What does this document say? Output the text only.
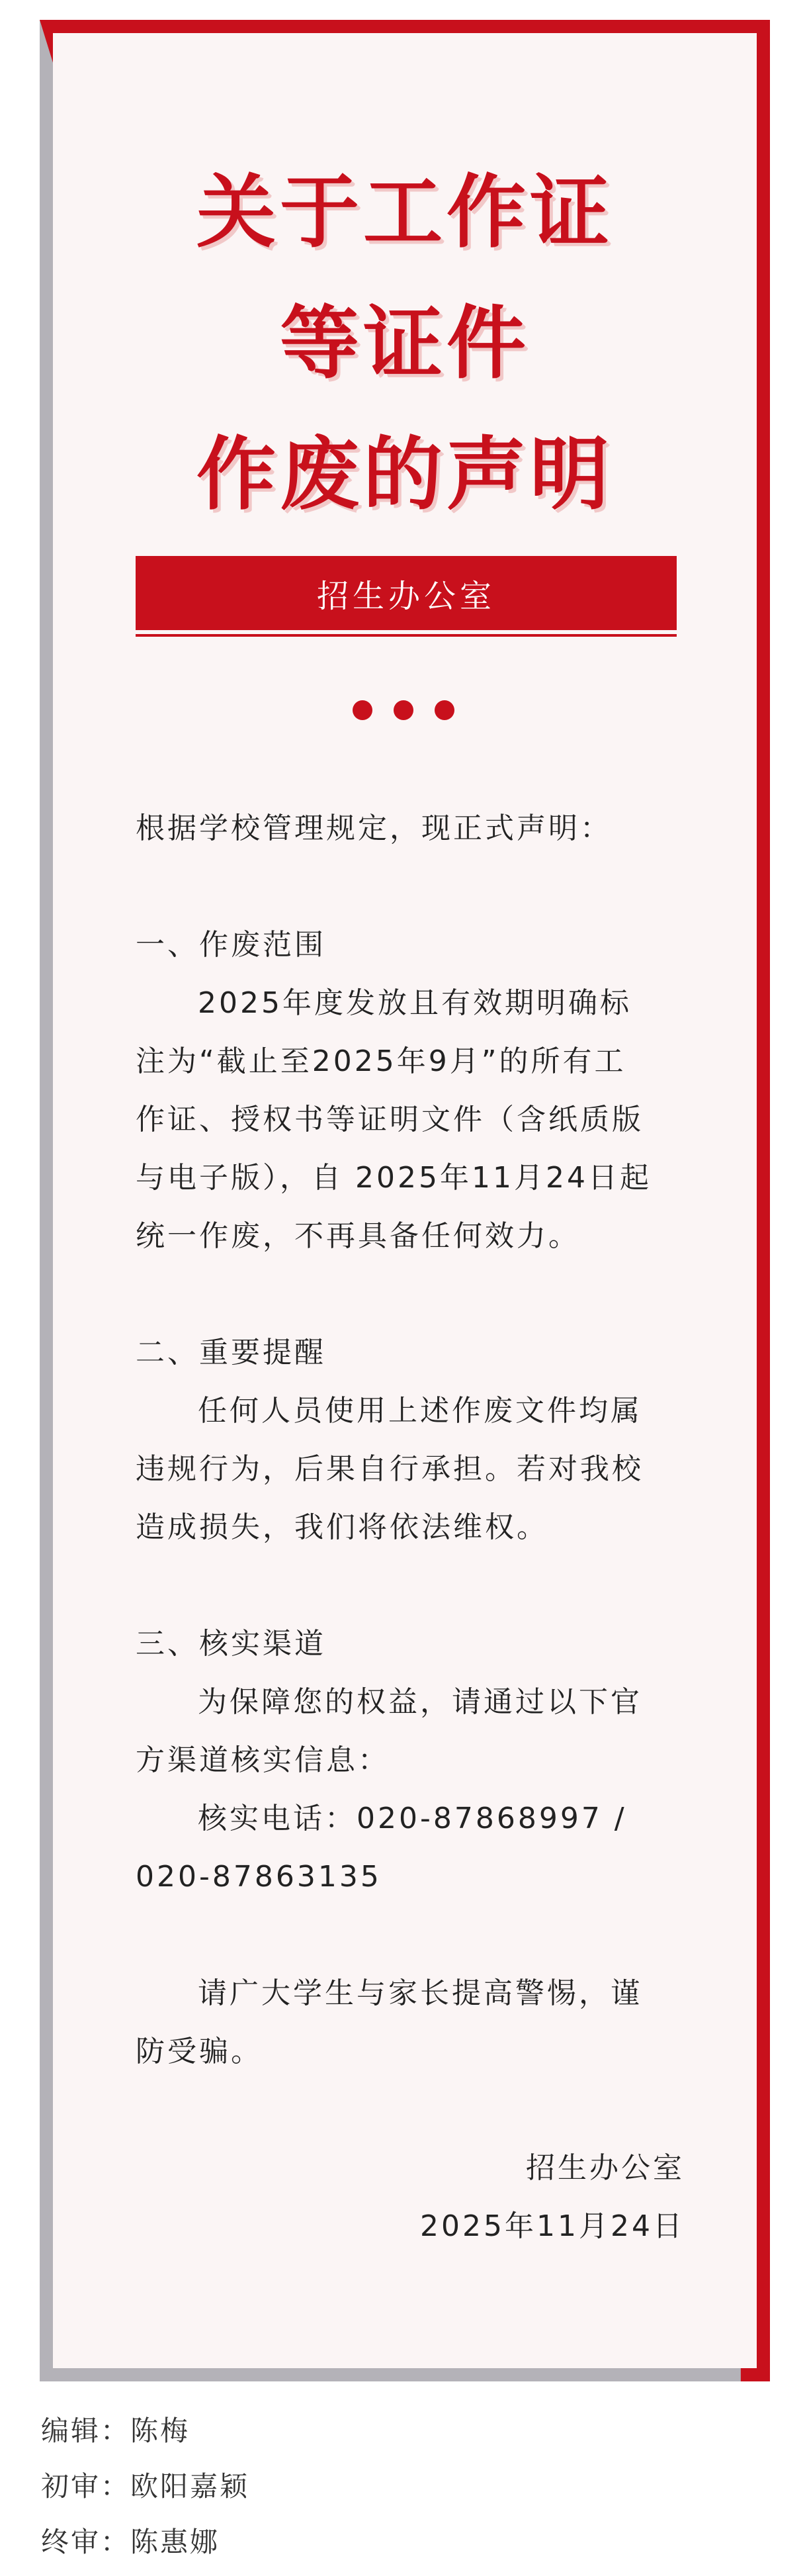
关于工作证
等证件
作废的声明
招生办公室
根据学校管理规定，现正式声明：
一、作废范围
2025年度发放且有效期明确标
注为“截止至2025年9月”的所有工
作证、授权书等证明文件（含纸质版
与电子版），自 2025年11月24日起
统一作废，不再具备任何效力。
二、重要提醒
任何人员使用上述作废文件均属
违规行为，后果自行承担。若对我校
造成损失，我们将依法维权。
三、核实渠道
为保障您的权益，请通过以下官
方渠道核实信息：
核实电话：020-87868997 /
020-87863135
请广大学生与家长提高警惕，谨
防受骗。
招生办公室
2025年11月24日
编辑：陈梅
初审：欧阳嘉颖
终审：陈惠娜
